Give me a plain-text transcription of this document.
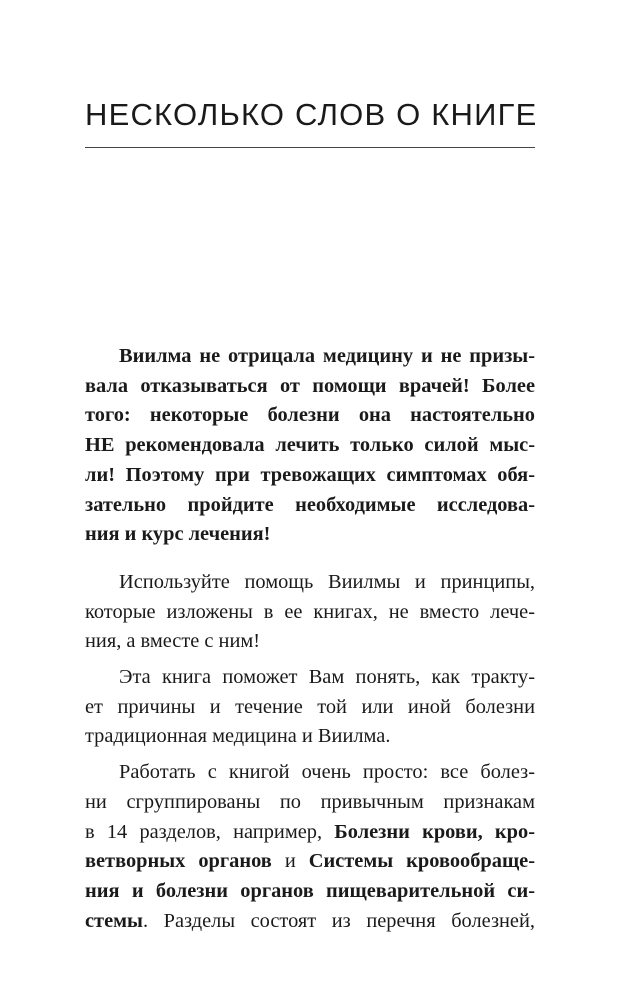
НЕСКОЛЬКО СЛОВ О КНИГЕ
Виилма не отрицала медицину и не призы-
вала отказываться от помощи врачей! Более
того: некоторые болезни она настоятельно
НЕ рекомендовала лечить только силой мыс-
ли! Поэтому при тревожащих симптомах обя-
зательно пройдите необходимые исследова-
ния и курс лечения!
Используйте помощь Виилмы и принципы,
которые изложены в ее книгах, не вместо лече-
ния, а вместе с ним!
Эта книга поможет Вам понять, как тракту-
ет причины и течение той или иной болезни
традиционная медицина и Виилма.
Работать с книгой очень просто: все болез-
ни сгруппированы по привычным признакам
в 14 разделов, например, Болезни крови, кро-
ветворных органов и Системы кровообраще-
ния и болезни органов пищеварительной си-
стемы. Разделы состоят из перечня болезней,
